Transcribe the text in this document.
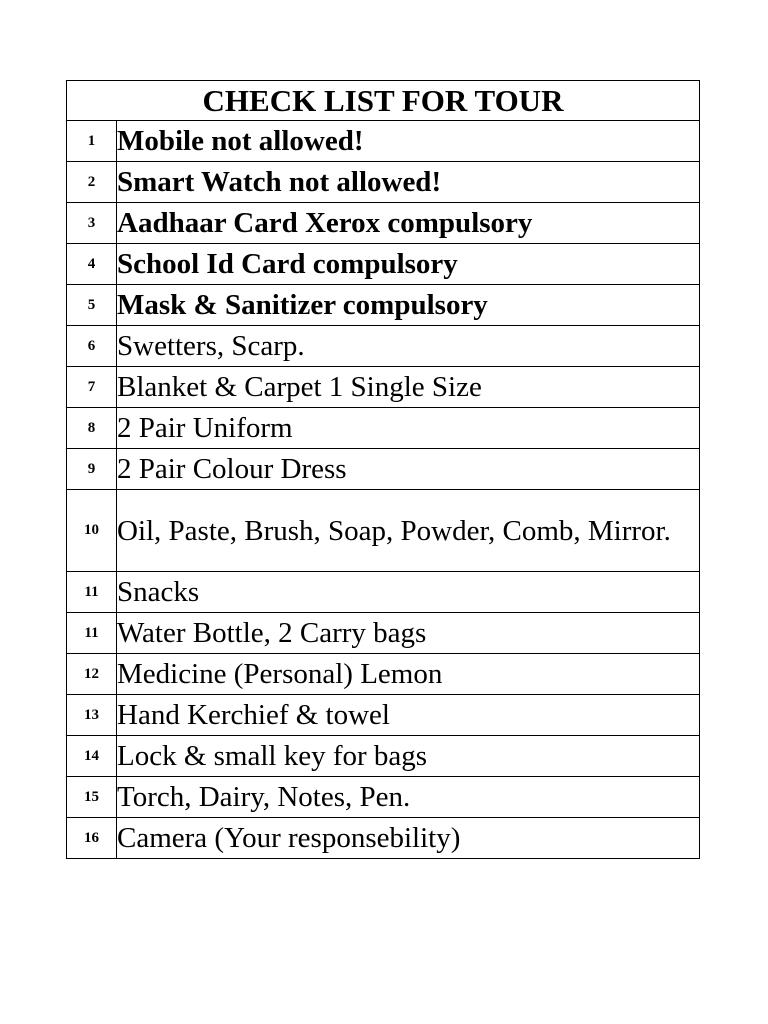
CHECK LIST FOR TOUR	
1	Mobile not allowed!
2	Smart Watch not allowed!
3	Aadhaar Card Xerox compulsory
4	School Id Card compulsory
5	Mask & Sanitizer compulsory
6	Swetters, Scarp.
7	Blanket & Carpet 1 Single Size
8	2 Pair Uniform
9	2 Pair Colour Dress
10	Oil, Paste, Brush, Soap, Powder, Comb, Mirror.
11	Snacks
11	Water Bottle, 2 Carry bags
12	Medicine (Personal) Lemon
13	Hand Kerchief & towel
14	Lock & small key for bags
15	Torch, Dairy, Notes, Pen.
16	Camera (Your responsebility)
